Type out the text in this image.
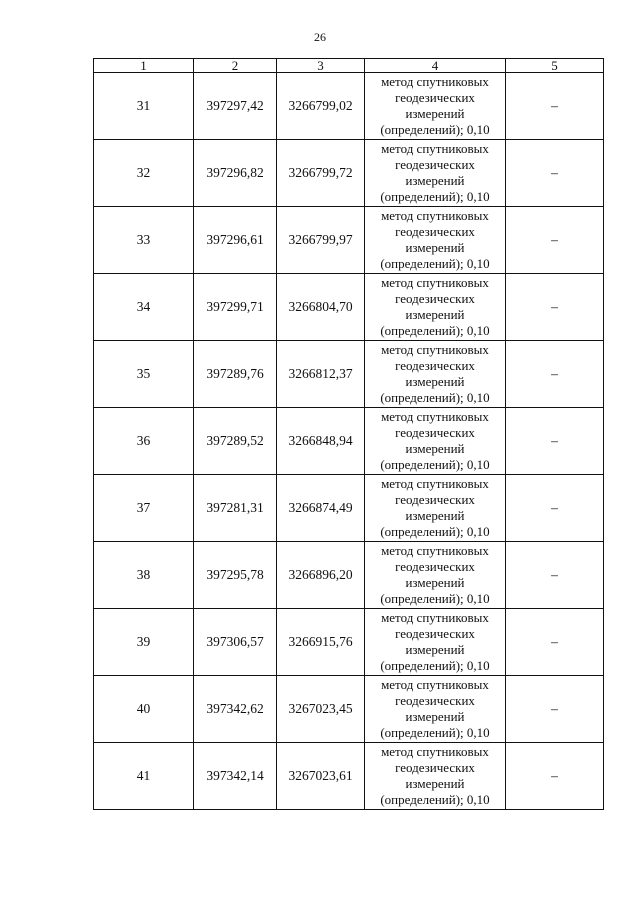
26
1	2	3	4	5
31	397297,42	3266799,02	метод спутниковых
геодезических
измерений
(определений); 0,10	–
32	397296,82	3266799,72	метод спутниковых
геодезических
измерений
(определений); 0,10	–
33	397296,61	3266799,97	метод спутниковых
геодезических
измерений
(определений); 0,10	–
34	397299,71	3266804,70	метод спутниковых
геодезических
измерений
(определений); 0,10	–
35	397289,76	3266812,37	метод спутниковых
геодезических
измерений
(определений); 0,10	–
36	397289,52	3266848,94	метод спутниковых
геодезических
измерений
(определений); 0,10	–
37	397281,31	3266874,49	метод спутниковых
геодезических
измерений
(определений); 0,10	–
38	397295,78	3266896,20	метод спутниковых
геодезических
измерений
(определений); 0,10	–
39	397306,57	3266915,76	метод спутниковых
геодезических
измерений
(определений); 0,10	–
40	397342,62	3267023,45	метод спутниковых
геодезических
измерений
(определений); 0,10	–
41	397342,14	3267023,61	метод спутниковых
геодезических
измерений
(определений); 0,10	–
